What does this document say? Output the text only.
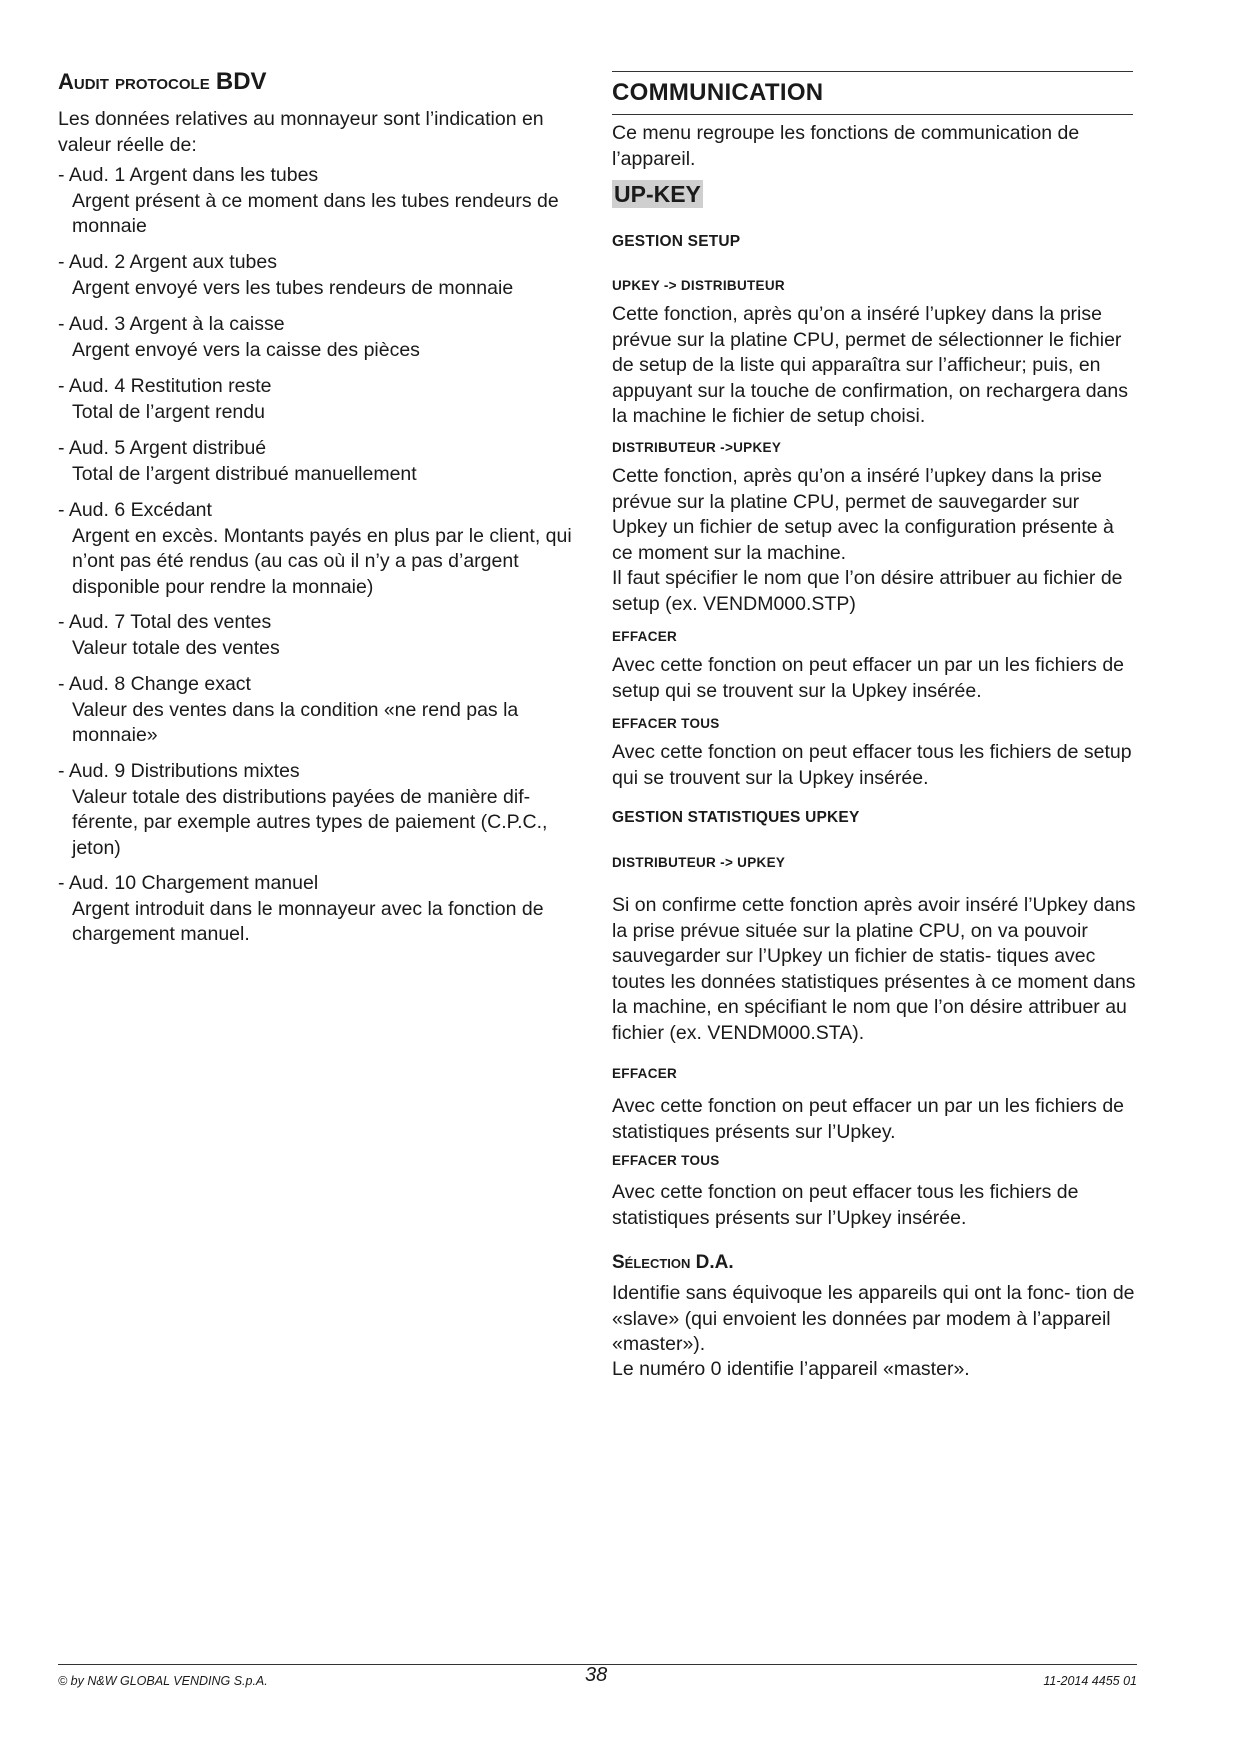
Audit protocole BDV
Les données relatives au monnayeur sont l’indication en valeur réelle de:
- Aud. 1 Argent dans les tubes
Argent présent à ce moment dans les tubes rendeurs de monnaie
- Aud. 2 Argent aux tubes
Argent envoyé vers les tubes rendeurs de monnaie
- Aud. 3 Argent à la caisse
Argent envoyé vers la caisse des pièces
- Aud. 4 Restitution reste
Total de l’argent rendu
- Aud. 5 Argent distribué
Total de l’argent distribué manuellement
- Aud. 6 Excédant
Argent en excès. Montants payés en plus par le client, qui n’ont pas été rendus (au cas où il n’y a pas d’argent disponible pour rendre la monnaie)
- Aud. 7 Total des ventes
Valeur totale des ventes
- Aud. 8 Change exact
Valeur des ventes dans la condition «ne rend pas la monnaie»
- Aud. 9 Distributions mixtes
Valeur totale des distributions payées de manière dif- férente, par exemple autres types de paiement (C.P.C., jeton)
- Aud. 10 Chargement manuel
Argent introduit dans le monnayeur avec la fonction de chargement manuel.
COMMUNICATION
Ce menu regroupe les fonctions de communication de l’appareil.
UP-KEY
GESTION SETUP
UPKEY -> DISTRIBUTEUR
Cette fonction, après qu’on a inséré l’upkey dans la prise prévue sur la platine CPU, permet de sélectionner le fichier de setup de la liste qui apparaîtra sur l’afficheur; puis, en appuyant sur la touche de confirmation, on rechargera dans la machine le fichier de setup choisi.
DISTRIBUTEUR ->UPKEY
Cette fonction, après qu’on a inséré l’upkey dans la prise prévue sur la platine CPU, permet de sauvegarder sur Upkey un fichier de setup avec la configuration présente à ce moment sur la machine.
Il faut spécifier le nom que l’on désire attribuer au fichier de setup (ex. VENDM000.STP)
EFFACER
Avec cette fonction on peut effacer un par un les fichiers de setup qui se trouvent sur la Upkey insérée.
EFFACER TOUS
Avec cette fonction on peut effacer tous les fichiers de setup qui se trouvent sur la Upkey insérée.
GESTION STATISTIQUES UPKEY
DISTRIBUTEUR -> UPKEY
Si on confirme cette fonction après avoir inséré l’Upkey dans la prise prévue située sur la platine CPU, on va pouvoir sauvegarder sur l’Upkey un fichier de statis- tiques avec toutes les données statistiques présentes à ce moment dans la machine, en spécifiant le nom que l’on désire attribuer au fichier (ex. VENDM000.STA).
EFFACER
Avec cette fonction on peut effacer un par un les fichiers de statistiques présents sur l’Upkey.
EFFACER TOUS
Avec cette fonction on peut effacer tous les fichiers de statistiques présents sur l’Upkey insérée.
Sélection D.A.
Identifie sans équivoque les appareils qui ont la fonc- tion de «slave» (qui envoient les données par modem à l’appareil «master»).
Le numéro 0 identifie l’appareil «master».
© by N&W GLOBAL VENDING S.p.A.	38	11-2014 4455 01
